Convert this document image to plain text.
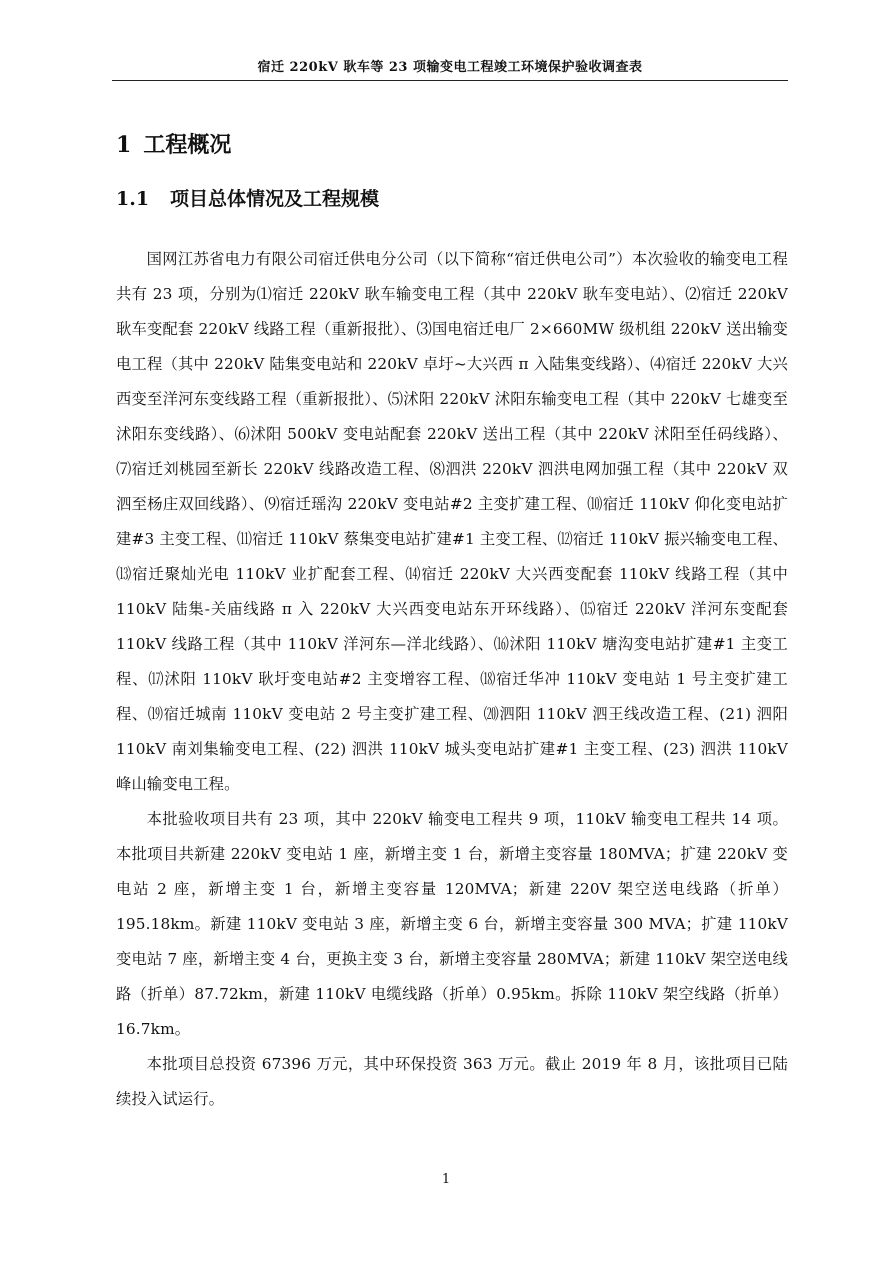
宿迁 220kV 耿车等 23 项输变电工程竣工环境保护验收调查表
1 工程概况
1.1 项目总体情况及工程规模

国网江苏省电力有限公司宿迁供电分公司（以下简称“宿迁供电公司”）本次验收的输变电工程共有 23 项，分别为⑴宿迁 220kV 耿车输变电工程（其中 220kV 耿车变电站）、⑵宿迁 220kV 耿车变配套 220kV 线路工程（重新报批）、⑶国电宿迁电厂 2×660MW 级机组 220kV 送出输变电工程（其中 220kV 陆集变电站和 220kV 卓圩~大兴西 π 入陆集变线路）、⑷宿迁 220kV 大兴西变至洋河东变线路工程（重新报批）、⑸沭阳 220kV 沭阳东输变电工程（其中 220kV 七雄变至沭阳东变线路）、⑹沭阳 500kV 变电站配套 220kV 送出工程（其中 220kV 沭阳至任码线路）、⑺宿迁刘桃园至新长 220kV 线路改造工程、⑻泗洪 220kV 泗洪电网加强工程（其中 220kV 双泗至杨庄双回线路）、⑼宿迁瑶沟 220kV 变电站#2 主变扩建工程、⑽宿迁 110kV 仰化变电站扩建#3 主变工程、⑾宿迁 110kV 蔡集变电站扩建#1 主变工程、⑿宿迁 110kV 振兴输变电工程、⒀宿迁聚灿光电 110kV 业扩配套工程、⒁宿迁 220kV 大兴西变配套 110kV 线路工程（其中 110kV 陆集-关庙线路 π 入 220kV 大兴西变电站东开环线路）、⒂宿迁 220kV 洋河东变配套 110kV 线路工程（其中 110kV 洋河东—洋北线路）、⒃沭阳 110kV 塘沟变电站扩建#1 主变工程、⒄沭阳 110kV 耿圩变电站#2 主变增容工程、⒅宿迁华冲 110kV 变电站 1 号主变扩建工程、⒆宿迁城南 110kV 变电站 2 号主变扩建工程、⒇泗阳 110kV 泗王线改造工程、(21) 泗阳 110kV 南刘集输变电工程、(22) 泗洪 110kV 城头变电站扩建#1 主变工程、(23) 泗洪 110kV 峰山输变电工程。

本批验收项目共有 23 项，其中 220kV 输变电工程共 9 项，110kV 输变电工程共 14 项。本批项目共新建 220kV 变电站 1 座，新增主变 1 台，新增主变容量 180MVA；扩建 220kV 变电站 2 座，新增主变 1 台，新增主变容量 120MVA；新建 220V 架空送电线路（折单）195.18km。新建 110kV 变电站 3 座，新增主变 6 台，新增主变容量 300 MVA；扩建 110kV 变电站 7 座，新增主变 4 台，更换主变 3 台，新增主变容量 280MVA；新建 110kV 架空送电线路（折单）87.72km，新建 110kV 电缆线路（折单）0.95km。拆除 110kV 架空线路（折单） 16.7km。

本批项目总投资 67396 万元，其中环保投资 363 万元。截止 2019 年 8 月，该批项目已陆续投入试运行。

1
